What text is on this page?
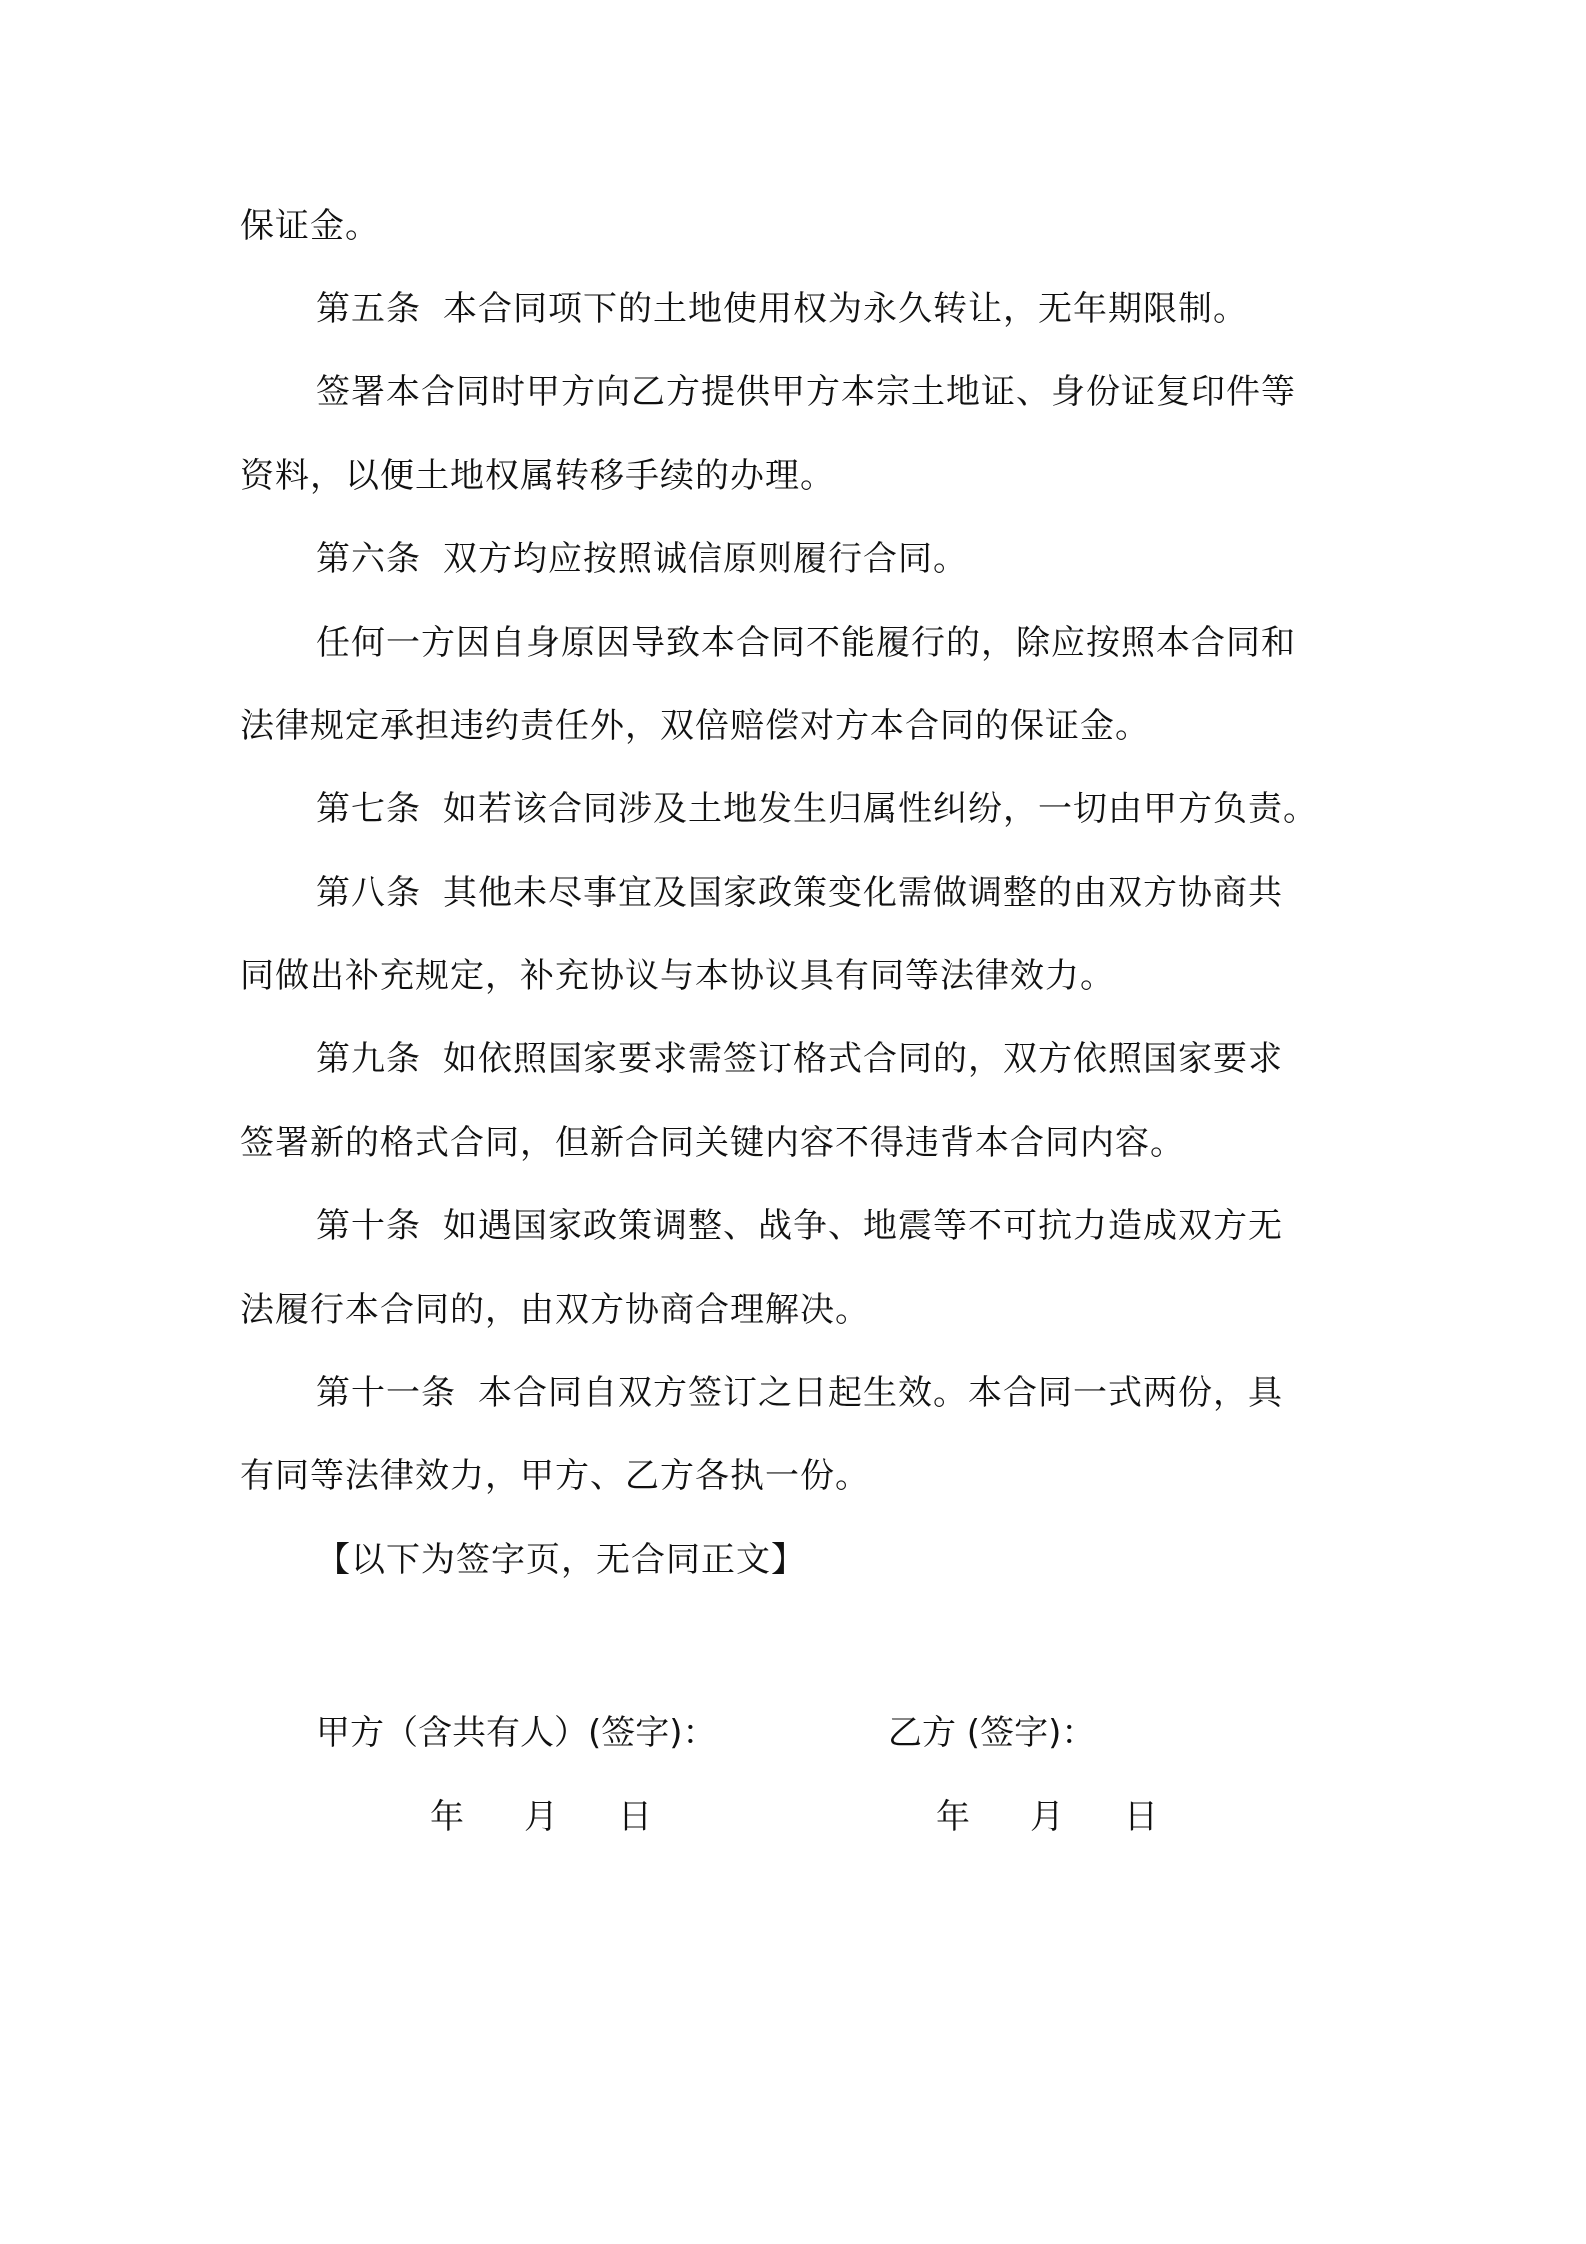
保证金。
第五条 本合同项下的土地使用权为永久转让，无年期限制。
签署本合同时甲方向乙方提供甲方本宗土地证、身份证复印件等
资料，以便土地权属转移手续的办理。
第六条 双方均应按照诚信原则履行合同。
任何一方因自身原因导致本合同不能履行的，除应按照本合同和
法律规定承担违约责任外，双倍赔偿对方本合同的保证金。
第七条 如若该合同涉及土地发生归属性纠纷，一切由甲方负责。
第八条 其他未尽事宜及国家政策变化需做调整的由双方协商共
同做出补充规定，补充协议与本协议具有同等法律效力。
第九条 如依照国家要求需签订格式合同的，双方依照国家要求
签署新的格式合同，但新合同关键内容不得违背本合同内容。
第十条 如遇国家政策调整、战争、地震等不可抗力造成双方无
法履行本合同的，由双方协商合理解决。
第十一条 本合同自双方签订之日起生效。本合同一式两份，具
有同等法律效力，甲方、乙方各执一份。
【以下为签字页，无合同正文】
甲方（含共有人）(签字)：	乙方 (签字)：
年 月 日	年 月 日
